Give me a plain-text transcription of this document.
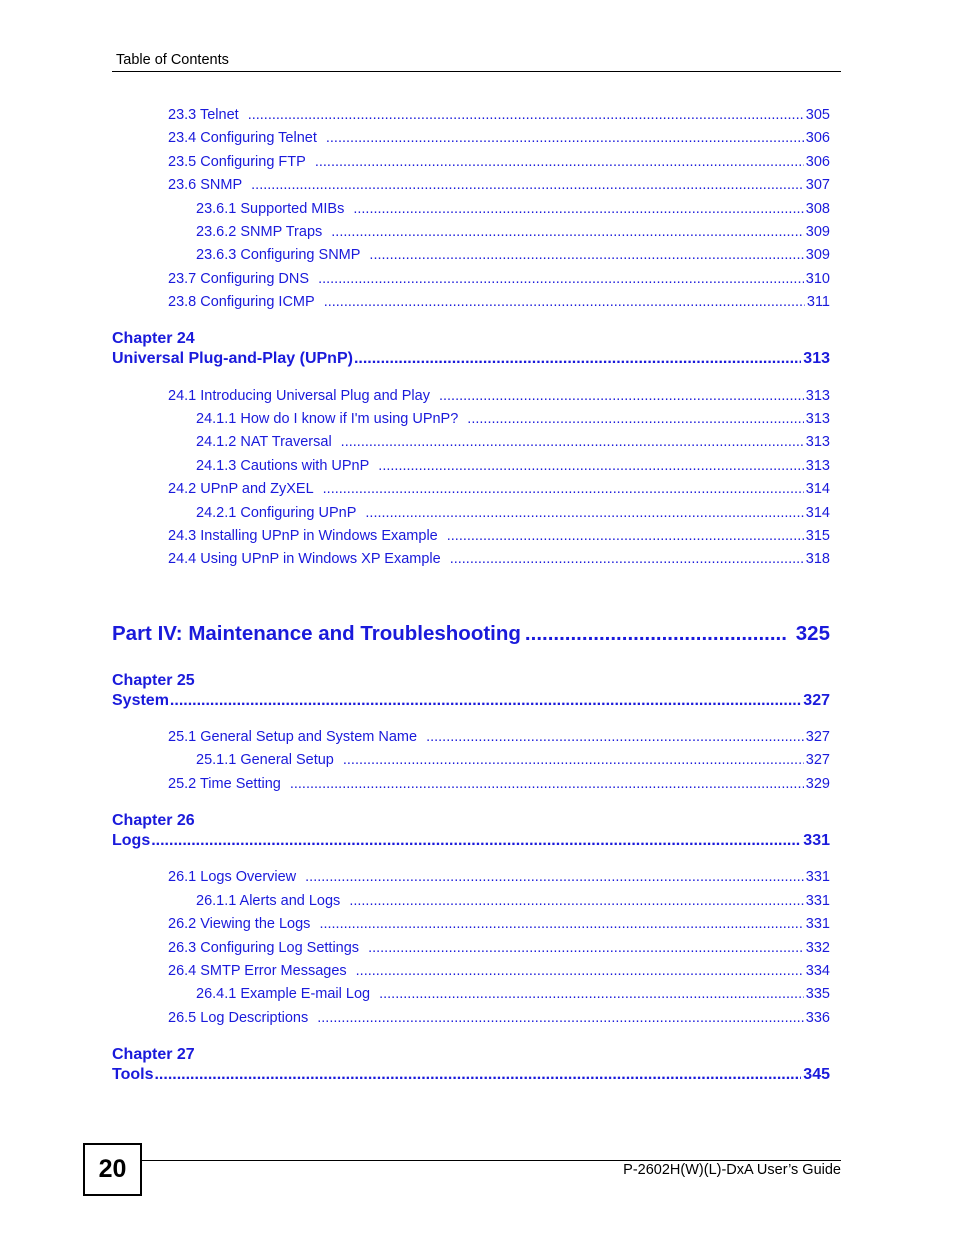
Table of Contents
23.3 Telnet .....	305
23.4 Configuring Telnet .....	306
23.5 Configuring FTP .....	306
23.6 SNMP .....	307
23.6.1 Supported MIBs .....	308
23.6.2 SNMP Traps .....	309
23.6.3 Configuring SNMP .....	309
23.7 Configuring DNS .....	310
23.8 Configuring ICMP .....	311
Chapter 24
Universal Plug-and-Play (UPnP) .....	313
24.1 Introducing Universal Plug and Play .....	313
24.1.1 How do I know if I'm using UPnP? .....	313
24.1.2 NAT Traversal .....	313
24.1.3 Cautions with UPnP .....	313
24.2 UPnP and ZyXEL .....	314
24.2.1 Configuring UPnP .....	314
24.3 Installing UPnP in Windows Example .....	315
24.4 Using UPnP in Windows XP Example .....	318
Part IV: Maintenance and Troubleshooting .....	325
Chapter 25
System .....	327
25.1 General Setup and System Name .....	327
25.1.1 General Setup .....	327
25.2 Time Setting .....	329
Chapter 26
Logs .....	331
26.1 Logs Overview .....	331
26.1.1 Alerts and Logs .....	331
26.2 Viewing the Logs .....	331
26.3 Configuring Log Settings .....	332
26.4 SMTP Error Messages .....	334
26.4.1 Example E-mail Log .....	335
26.5 Log Descriptions .....	336
Chapter 27
Tools .....	345
20	P-2602H(W)(L)-DxA User’s Guide
